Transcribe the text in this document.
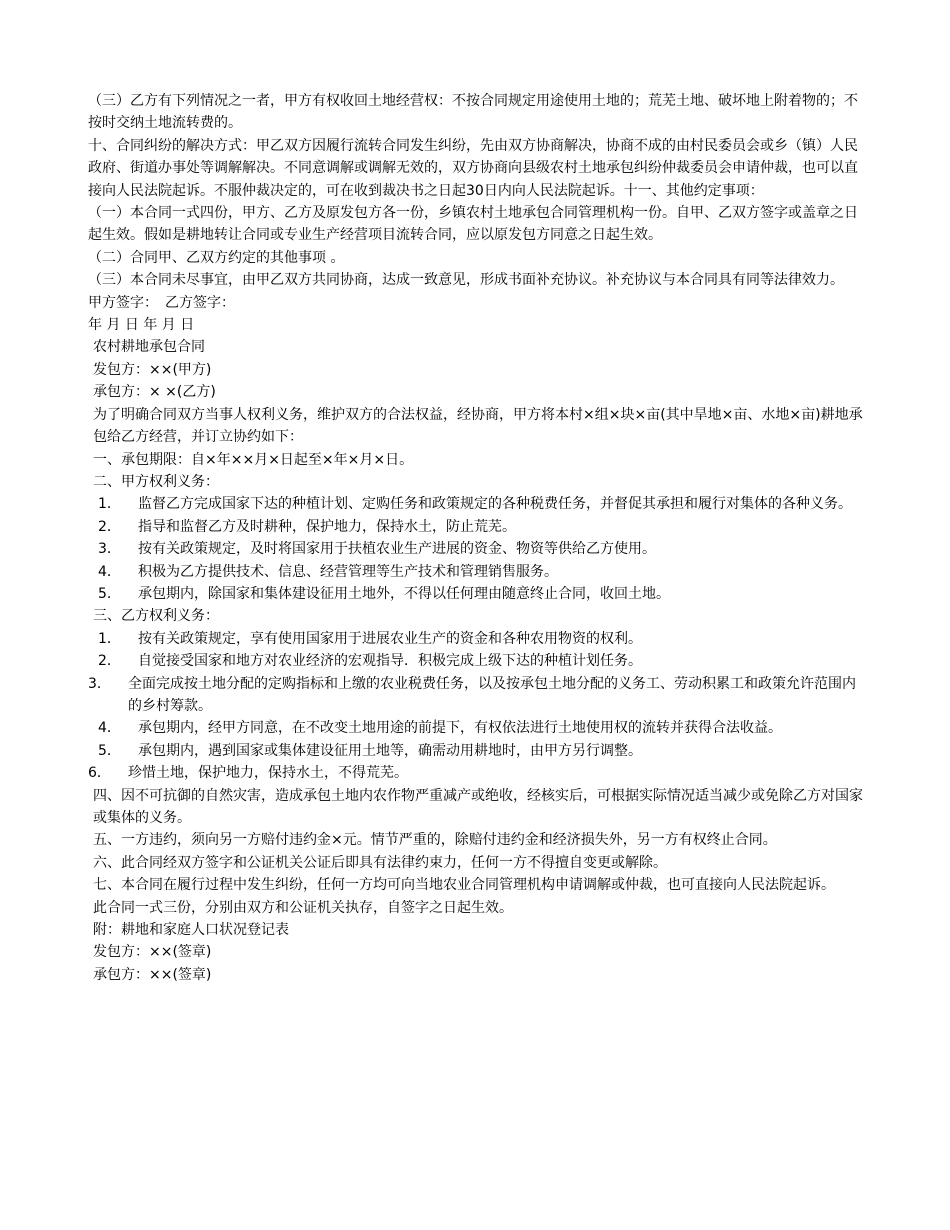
（三）乙方有下列情况之一者，甲方有权收回土地经营权：不按合同规定用途使用土地的；荒芜土地、破坏地上附着物的；不按时交纳土地流转费的。

十、合同纠纷的解决方式：甲乙双方因履行流转合同发生纠纷，先由双方协商解决，协商不成的由村民委员会或乡（镇）人民政府、街道办事处等调解解决。不同意调解或调解无效的，双方协商向县级农村土地承包纠纷仲裁委员会申请仲裁，也可以直接向人民法院起诉。不服仲裁决定的，可在收到裁决书之日起30日内向人民法院起诉。十一、其他约定事项：

（一）本合同一式四份，甲方、乙方及原发包方各一份，乡镇农村土地承包合同管理机构一份。自甲、乙双方签字或盖章之日起生效。假如是耕地转让合同或专业生产经营项目流转合同，应以原发包方同意之日起生效。

（二）合同甲、乙双方约定的其他事项 。

（三）本合同未尽事宜，由甲乙双方共同协商，达成一致意见，形成书面补充协议。补充协议与本合同具有同等法律效力。

甲方签字：　乙方签字：

年 月 日 年 月 日

农村耕地承包合同

发包方：××(甲方)

承包方：× ×(乙方)

为了明确合同双方当事人权利义务，维护双方的合法权益，经协商，甲方将本村×组×块×亩(其中旱地×亩、水地×亩)耕地承包给乙方经营，并订立协约如下：

一、承包期限：自×年××月×日起至×年×月×日。

二、甲方权利义务：

1． 监督乙方完成国家下达的种植计划、定购任务和政策规定的各种税费任务，并督促其承担和履行对集体的各种义务。
2． 指导和监督乙方及时耕种，保护地力，保持水土，防止荒芜。
3． 按有关政策规定，及时将国家用于扶植农业生产进展的资金、物资等供给乙方使用。
4． 积极为乙方提供技术、信息、经营管理等生产技术和管理销售服务。
5． 承包期内，除国家和集体建设征用土地外，不得以任何理由随意终止合同，收回土地。

三、乙方权利义务：

1． 按有关政策规定，享有使用国家用于进展农业生产的资金和各种农用物资的权利。
2． 自觉接受国家和地方对农业经济的宏观指导．积极完成上级下达的种植计划任务。
3． 全面完成按土地分配的定购指标和上缴的农业税费任务，以及按承包土地分配的义务工、劳动积累工和政策允许范围内的乡村筹款。
4． 承包期内，经甲方同意，在不改变土地用途的前提下，有权依法进行土地使用权的流转并获得合法收益。
5． 承包期内，遇到国家或集体建设征用土地等，确需动用耕地时，由甲方另行调整。
6． 珍惜土地，保护地力，保持水土，不得荒芜。

四、因不可抗御的自然灾害，造成承包土地内农作物严重减产或绝收，经核实后，可根据实际情况适当减少或免除乙方对国家或集体的义务。

五、一方违约，须向另一方赔付违约金×元。情节严重的，除赔付违约金和经济损失外，另一方有权终止合同。

六、此合同经双方签字和公证机关公证后即具有法律约束力，任何一方不得擅自变更或解除。

七、本合同在履行过程中发生纠纷，任何一方均可向当地农业合同管理机构申请调解或仲裁，也可直接向人民法院起诉。

此合同一式三份，分别由双方和公证机关执存，自签字之日起生效。

附：耕地和家庭人口状况登记表

发包方：××(签章)

承包方：××(签章)
